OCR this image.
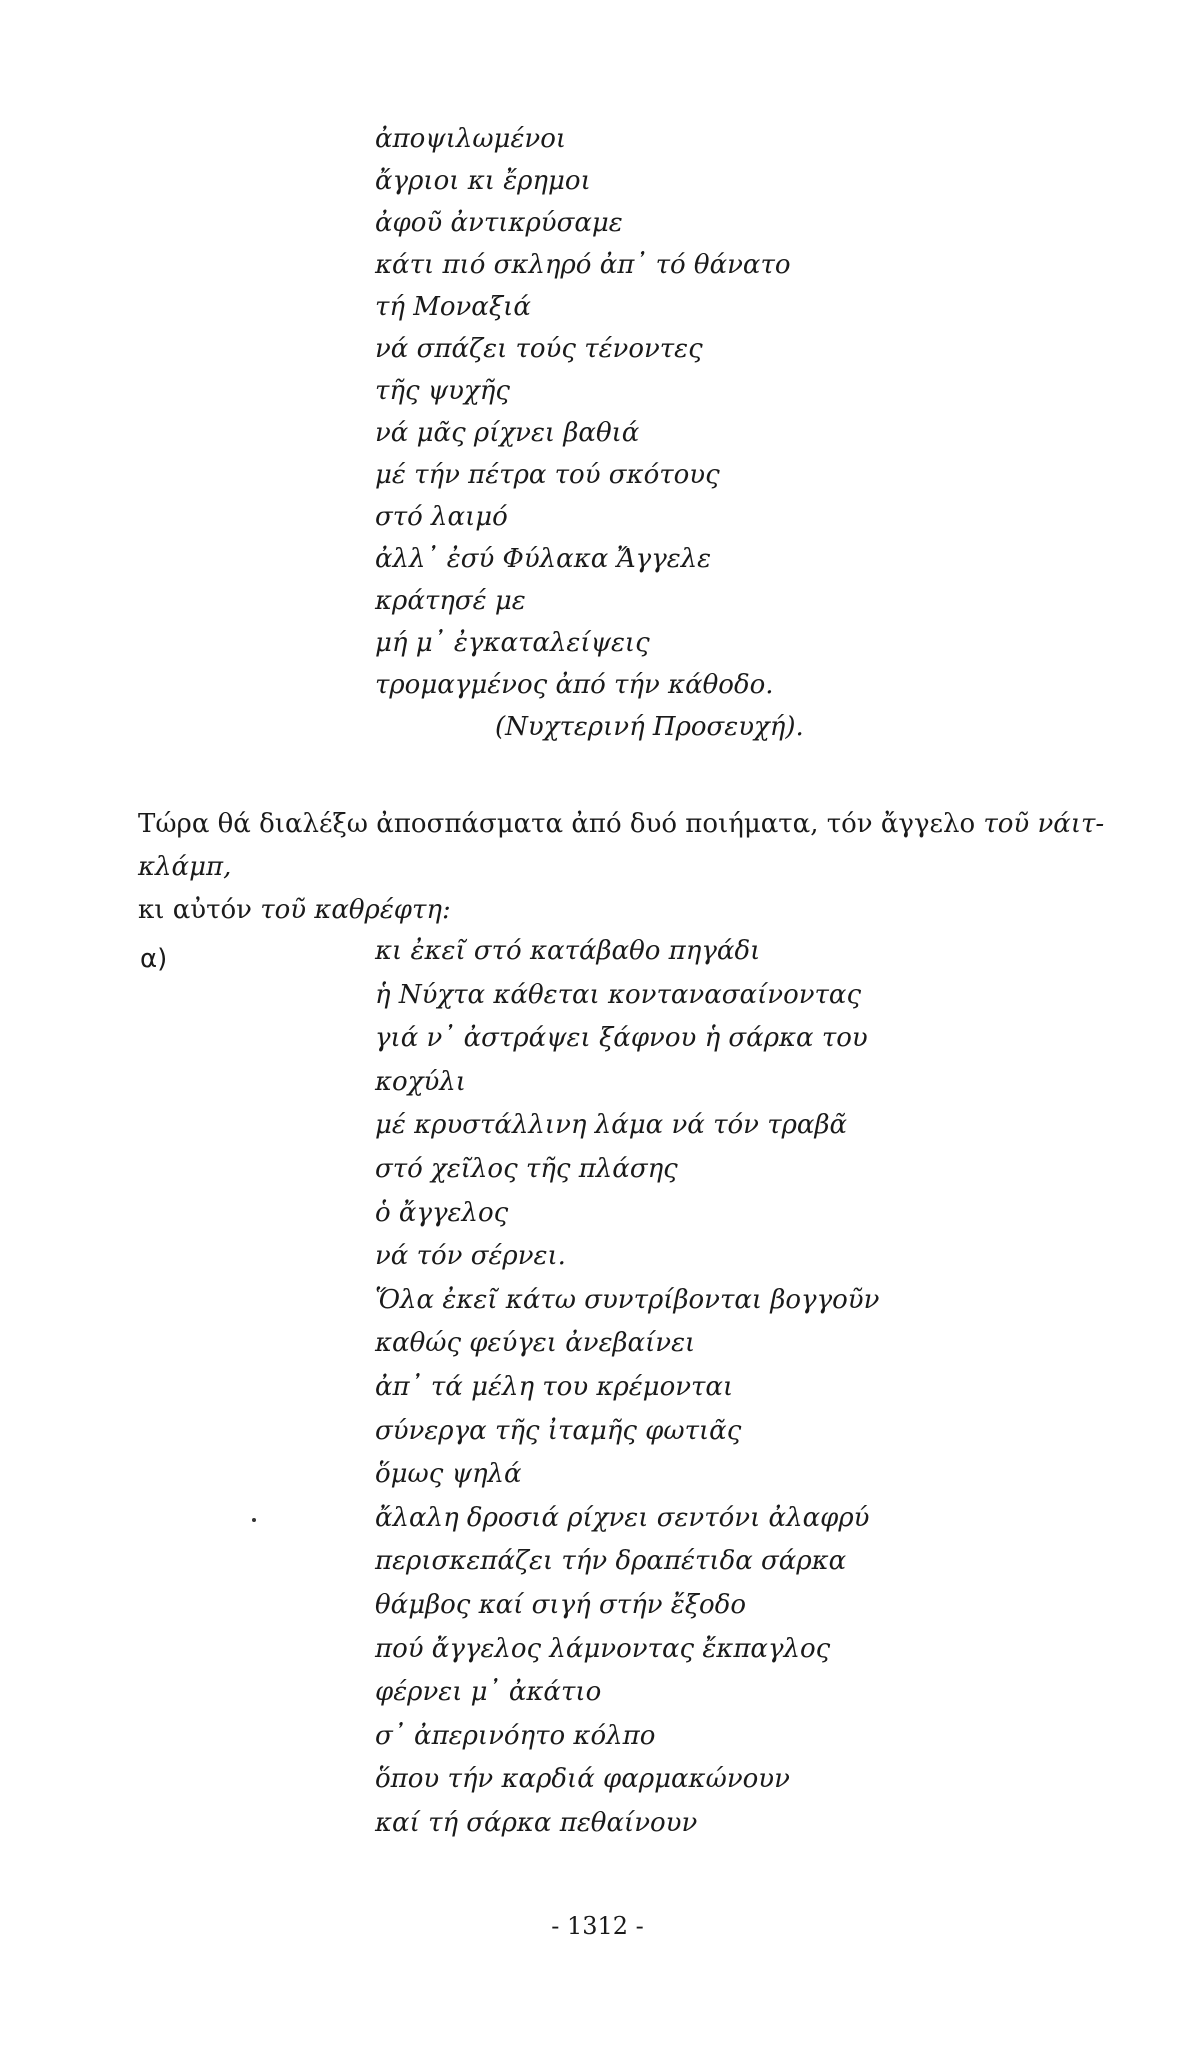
ἀποψιλωμένοι
ἄγριοι κι ἔρημοι
ἀφοῦ ἀντικρύσαμε
κάτι πιό σκληρό ἀπ᾽ τό θάνατο
τή Μοναξιά
νά σπάζει τούς τένοντες
τῆς ψυχῆς
νά μᾶς ρίχνει βαθιά
μέ τήν πέτρα τού σκότους
στό λαιμό
ἀλλ᾽ ἐσύ Φύλακα Ἄγγελε
κράτησέ με
μή μ᾽ ἐγκαταλείψεις
τρομαγμένος ἀπό τήν κάθοδο.
(Νυχτερινή Προσευχή).
Τώρα θά διαλέξω ἀποσπάσματα ἀπό δυό ποιήματα, τόν ἄγγελο τοῦ νάιτ-κλάμπ,
κι αὐτόν τοῦ καθρέφτη:
α)	κι ἐκεῖ στό κατάβαθο πηγάδι
ἡ Νύχτα κάθεται κοντανασαίνοντας
γιά ν᾽ ἀστράψει ξάφνου ἡ σάρκα του
κοχύλι
μέ κρυστάλλινη λάμα νά τόν τραβᾶ
στό χεῖλος τῆς πλάσης
ὁ ἄγγελος
νά τόν σέρνει.
Ὅλα ἐκεῖ κάτω συντρίβονται βογγοῦν
καθώς φεύγει ἀνεβαίνει
ἀπ᾽ τά μέλη του κρέμονται
σύνεργα τῆς ἰταμῆς φωτιᾶς
ὅμως ψηλά
ἄλαλη δροσιά ρίχνει σεντόνι ἀλαφρύ
περισκεπάζει τήν δραπέτιδα σάρκα
θάμβος καί σιγή στήν ἔξοδο
πού ἄγγελος λάμνοντας ἔκπαγλος
φέρνει μ᾽ ἀκάτιο
σ᾽ ἀπερινόητο κόλπο
ὅπου τήν καρδιά φαρμακώνουν
καί τή σάρκα πεθαίνουν
- 1312 -
